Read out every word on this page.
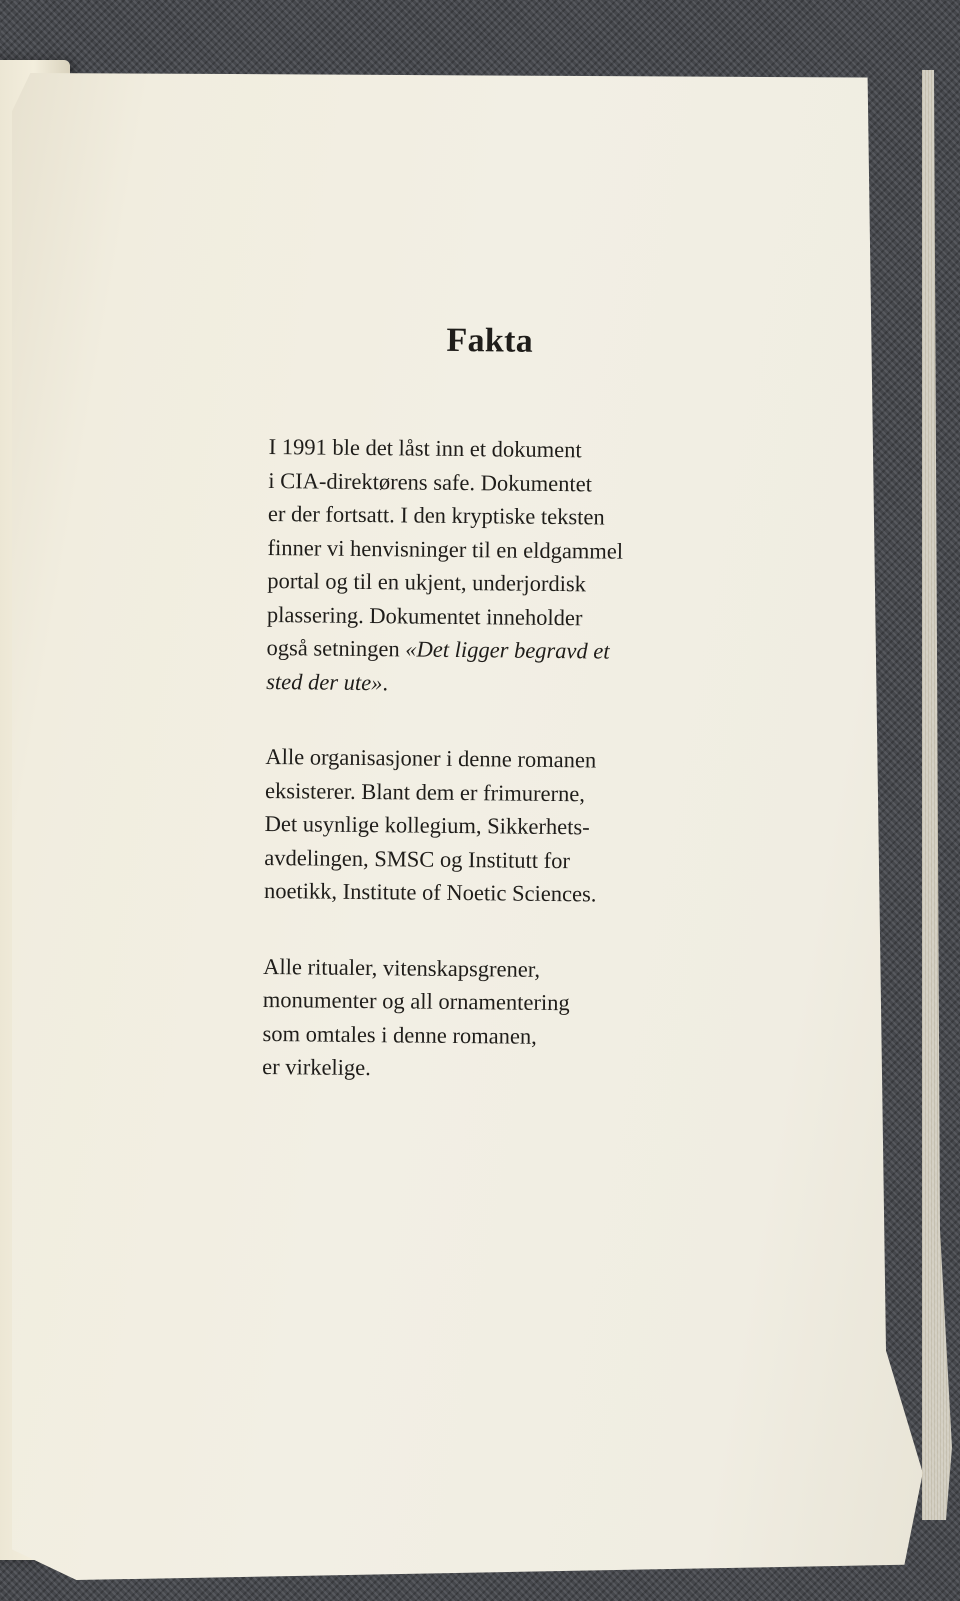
Fakta

I 1991 ble det låst inn et dokument
i CIA-direktørens safe. Dokumentet
er der fortsatt. I den kryptiske teksten
finner vi henvisninger til en eldgammel
portal og til en ukjent, underjordisk
plassering. Dokumentet inneholder
også setningen «Det ligger begravd et
sted der ute».

Alle organisasjoner i denne romanen
eksisterer. Blant dem er frimurerne,
Det usynlige kollegium, Sikkerhets-
avdelingen, SMSC og Institutt for
noetikk, Institute of Noetic Sciences.

Alle ritualer, vitenskapsgrener,
monumenter og all ornamentering
som omtales i denne romanen,
er virkelige.
